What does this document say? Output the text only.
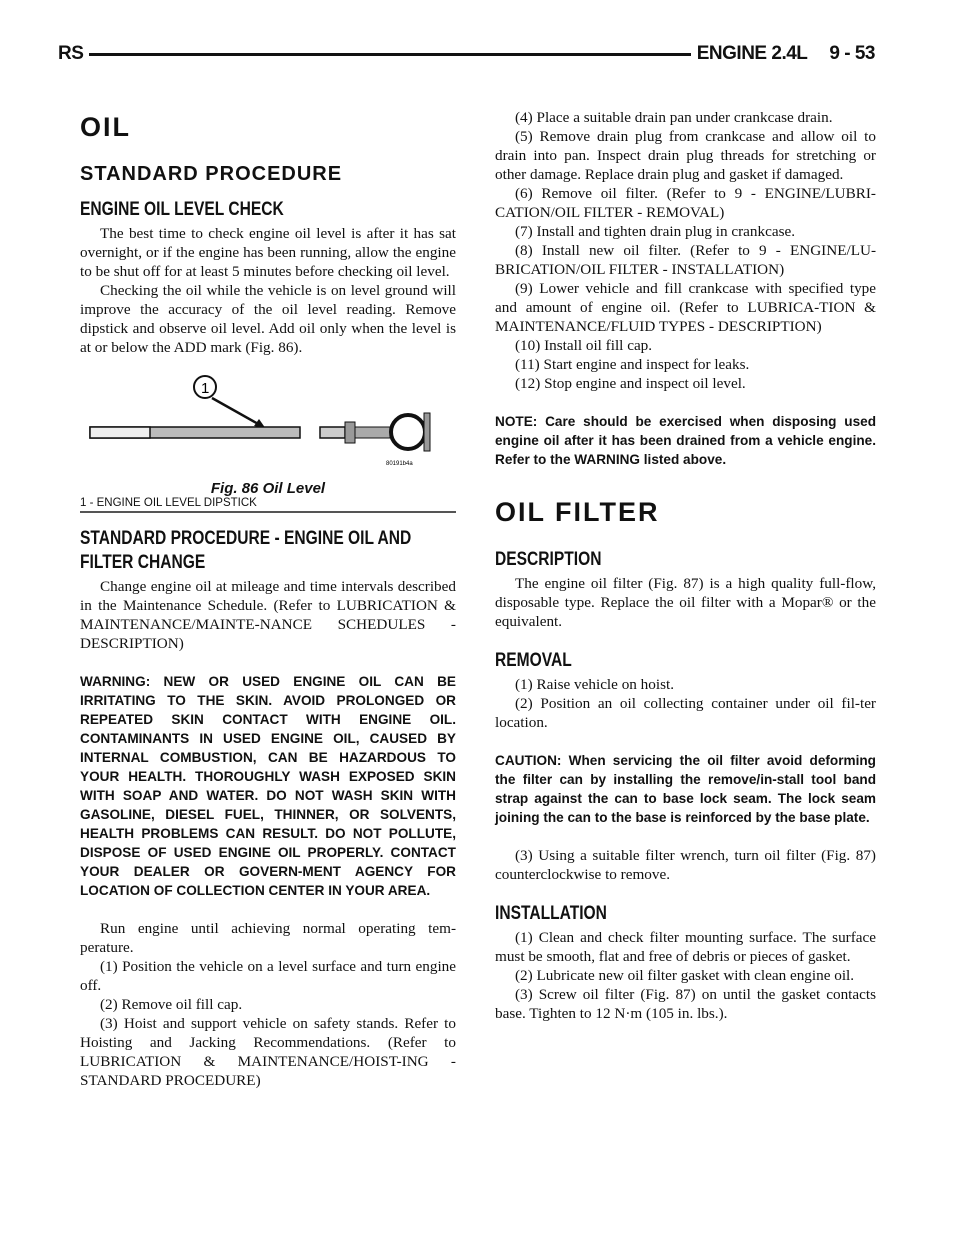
RS	ENGINE 2.4L 9 - 53
OIL
STANDARD PROCEDURE
ENGINE OIL LEVEL CHECK

The best time to check engine oil level is after it has sat overnight, or if the engine has been running, allow the engine to be shut off for at least 5 minutes before checking oil level.

Checking the oil while the vehicle is on level ground will improve the accuracy of the oil level reading. Remove dipstick and observe oil level. Add oil only when the level is at or below the ADD mark (Fig. 86).

1
80191b4a
Fig. 86 Oil Level
1 - ENGINE OIL LEVEL DIPSTICK
STANDARD PROCEDURE - ENGINE OIL AND FILTER CHANGE

Change engine oil at mileage and time intervals described in the Maintenance Schedule. (Refer to LUBRICATION & MAINTENANCE/MAINTE-NANCE SCHEDULES - DESCRIPTION)

WARNING: NEW OR USED ENGINE OIL CAN BE IRRITATING TO THE SKIN. AVOID PROLONGED OR REPEATED SKIN CONTACT WITH ENGINE OIL. CONTAMINANTS IN USED ENGINE OIL, CAUSED BY INTERNAL COMBUSTION, CAN BE HAZARDOUS TO YOUR HEALTH. THOROUGHLY WASH EXPOSED SKIN WITH SOAP AND WATER. DO NOT WASH SKIN WITH GASOLINE, DIESEL FUEL, THINNER, OR SOLVENTS, HEALTH PROBLEMS CAN RESULT. DO NOT POLLUTE, DISPOSE OF USED ENGINE OIL PROPERLY. CONTACT YOUR DEALER OR GOVERN-MENT AGENCY FOR LOCATION OF COLLECTION CENTER IN YOUR AREA.

Run engine until achieving normal operating tem-perature.

(1) Position the vehicle on a level surface and turn engine off.

(2) Remove oil fill cap.

(3) Hoist and support vehicle on safety stands. Refer to Hoisting and Jacking Recommendations. (Refer to LUBRICATION & MAINTENANCE/HOIST-ING - STANDARD PROCEDURE)

(4) Place a suitable drain pan under crankcase drain.

(5) Remove drain plug from crankcase and allow oil to drain into pan. Inspect drain plug threads for stretching or other damage. Replace drain plug and gasket if damaged.

(6) Remove oil filter. (Refer to 9 - ENGINE/LUBRI-CATION/OIL FILTER - REMOVAL)

(7) Install and tighten drain plug in crankcase.

(8) Install new oil filter. (Refer to 9 - ENGINE/LU-BRICATION/OIL FILTER - INSTALLATION)

(9) Lower vehicle and fill crankcase with specified type and amount of engine oil. (Refer to LUBRICA-TION & MAINTENANCE/FLUID TYPES - DESCRIPTION)

(10) Install oil fill cap.

(11) Start engine and inspect for leaks.

(12) Stop engine and inspect oil level.

NOTE: Care should be exercised when disposing used engine oil after it has been drained from a vehicle engine. Refer to the WARNING listed above.
OIL FILTER
DESCRIPTION

The engine oil filter (Fig. 87) is a high quality full-flow, disposable type. Replace the oil filter with a Mopar® or the equivalent.

REMOVAL

(1) Raise vehicle on hoist.

(2) Position an oil collecting container under oil fil-ter location.

CAUTION: When servicing the oil filter avoid deforming the filter can by installing the remove/in-stall tool band strap against the can to base lock seam. The lock seam joining the can to the base is reinforced by the base plate.

(3) Using a suitable filter wrench, turn oil filter (Fig. 87) counterclockwise to remove.

INSTALLATION

(1) Clean and check filter mounting surface. The surface must be smooth, flat and free of debris or pieces of gasket.

(2) Lubricate new oil filter gasket with clean engine oil.

(3) Screw oil filter (Fig. 87) on until the gasket contacts base. Tighten to 12 N·m (105 in. lbs.).
